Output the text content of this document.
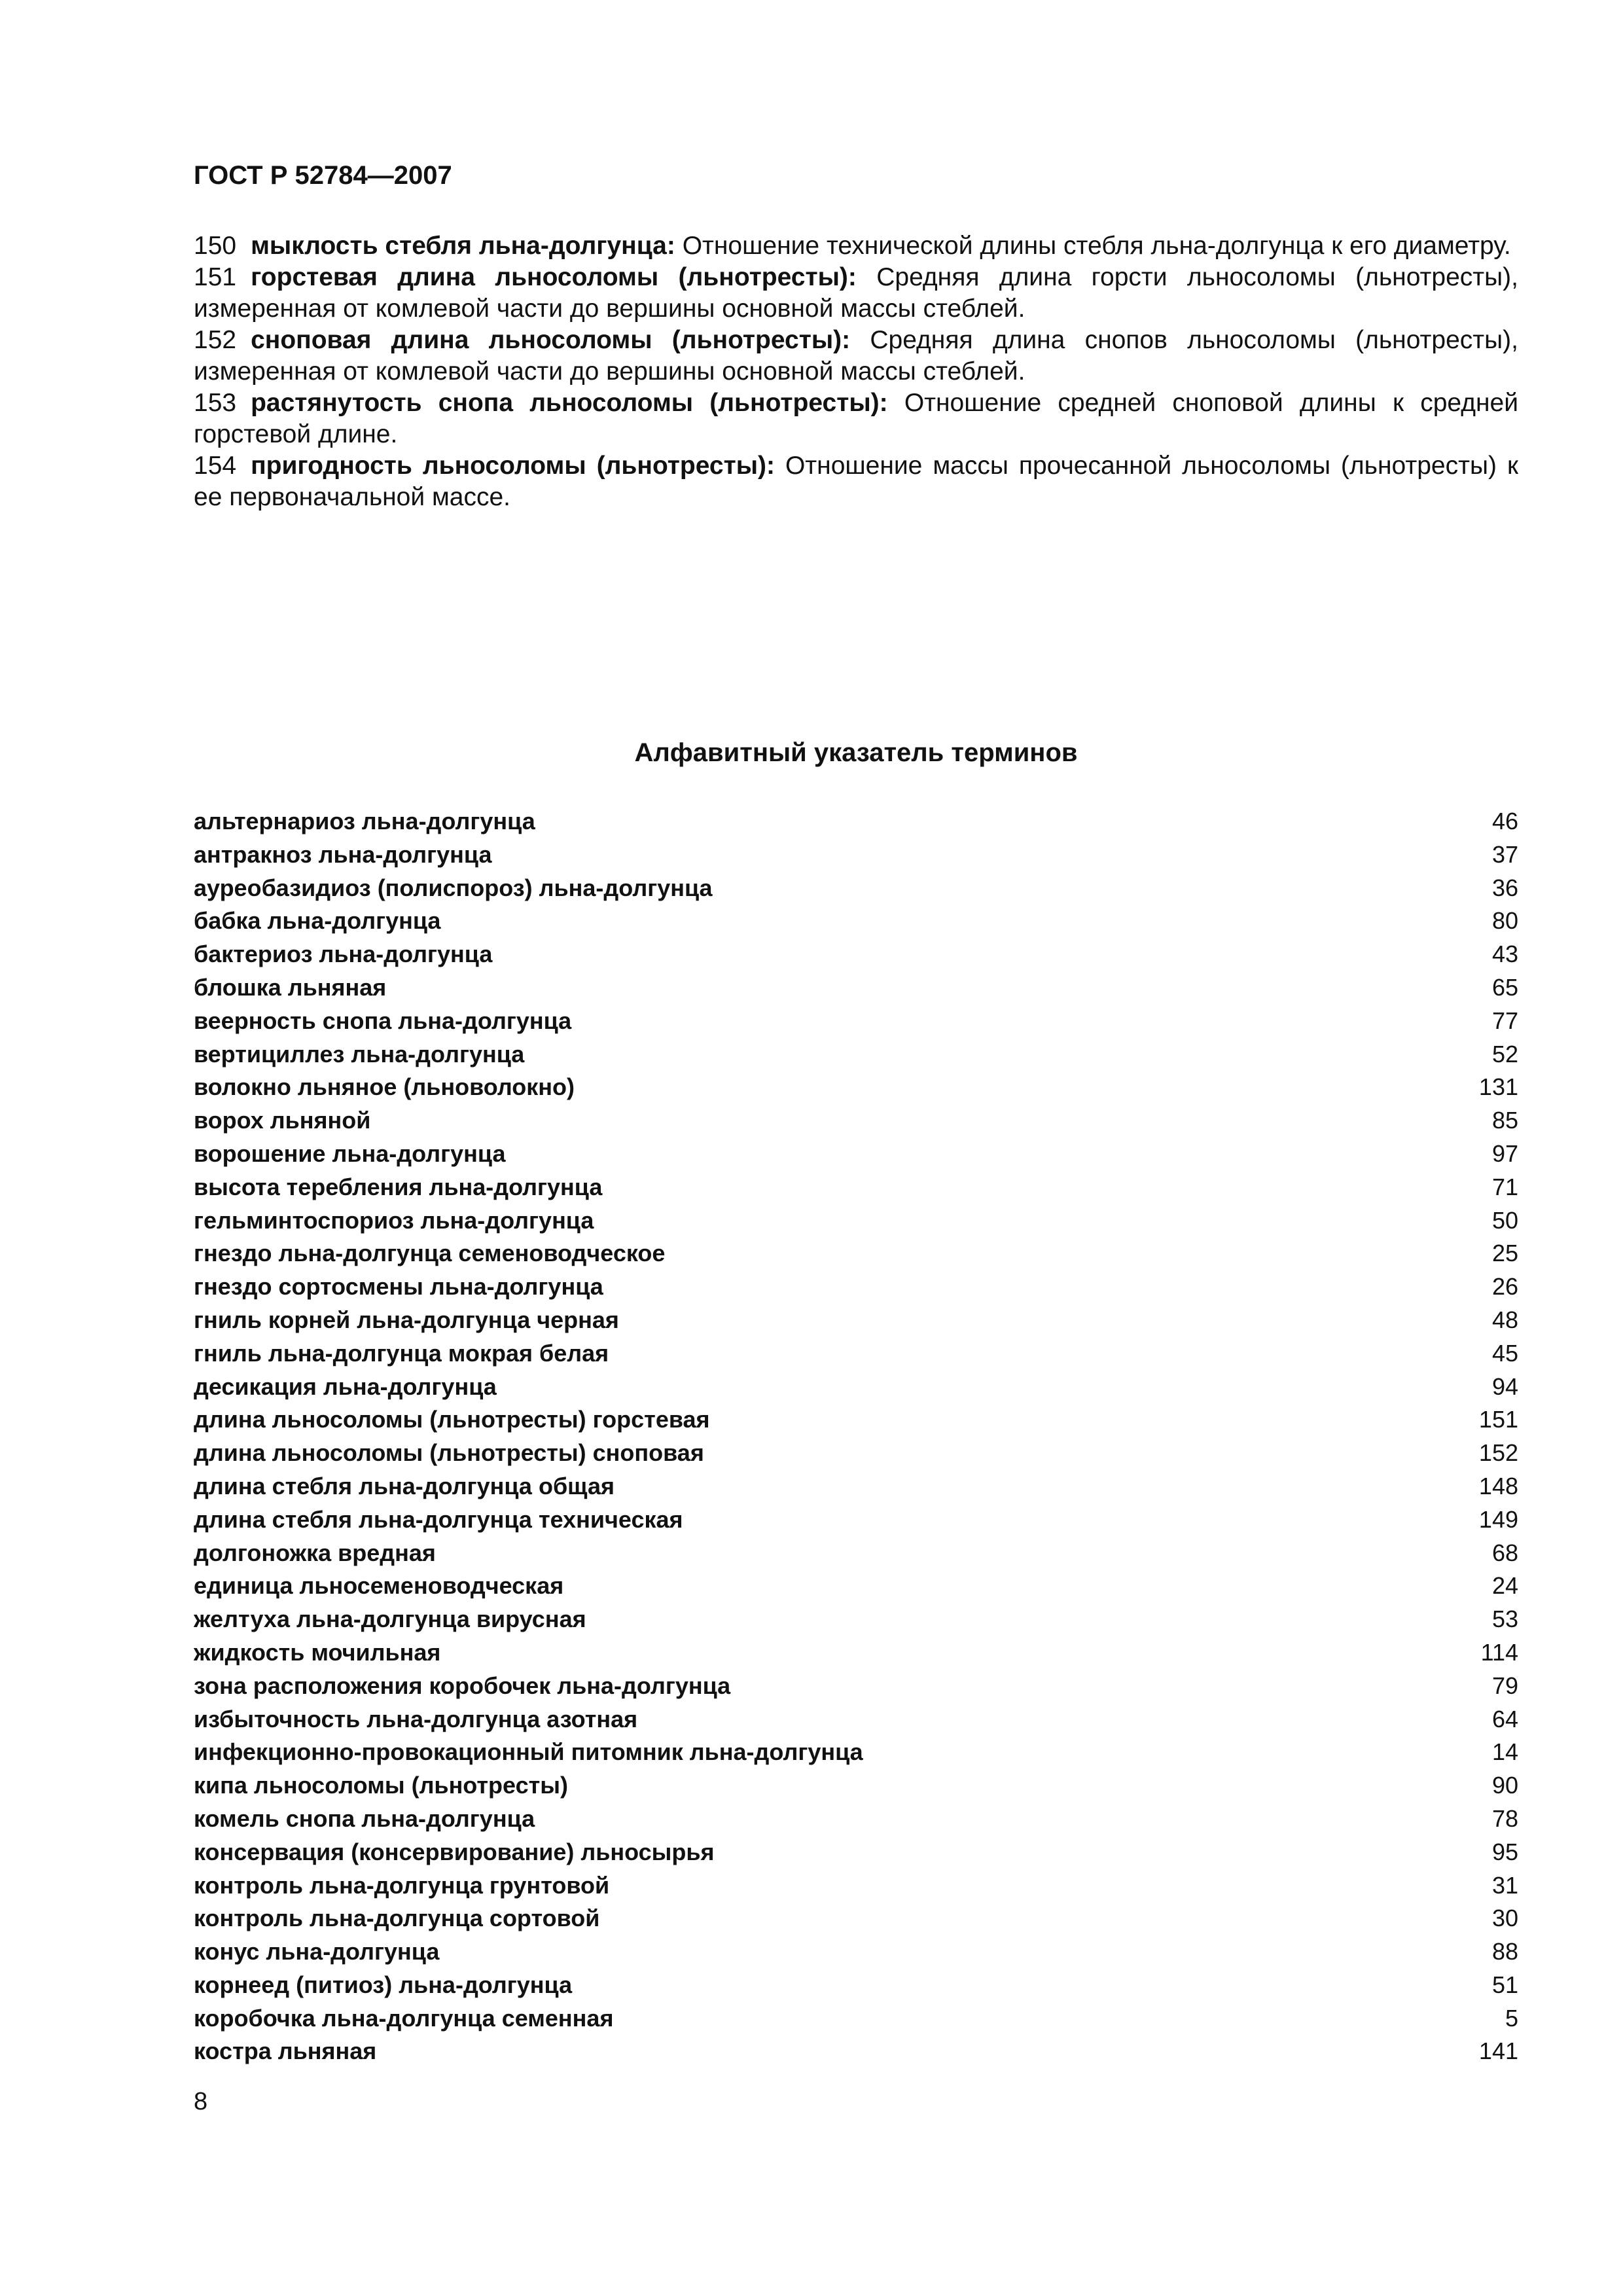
ГОСТ Р 52784—2007
150 мыклость стебля льна-долгунца: Отношение технической длины стебля льна-долгунца к его диаметру.
151 горстевая длина льносоломы (льнотресты): Средняя длина горсти льносоломы (льнотресты), измеренная от комлевой части до вершины основной массы стеблей.
152 сноповая длина льносоломы (льнотресты): Средняя длина снопов льносоломы (льнотресты), измеренная от комлевой части до вершины основной массы стеблей.
153 растянутость снопа льносоломы (льнотресты): Отношение средней сноповой длины к средней горстевой длине.
154 пригодность льносоломы (льнотресты): Отношение массы прочесанной льносоломы (льнотресты) к ее первоначальной массе.
Алфавитный указатель терминов
альтернариоз льна-долгунца	46
антракноз льна-долгунца	37
ауреобазидиоз (полиспороз) льна-долгунца	36
бабка льна-долгунца	80
бактериоз льна-долгунца	43
блошка льняная	65
веерность снопа льна-долгунца	77
вертициллез льна-долгунца	52
волокно льняное (льноволокно)	131
ворох льняной	85
ворошение льна-долгунца	97
высота теребления льна-долгунца	71
гельминтоспориоз льна-долгунца	50
гнездо льна-долгунца семеноводческое	25
гнездо сортосмены льна-долгунца	26
гниль корней льна-долгунца черная	48
гниль льна-долгунца мокрая белая	45
десикация льна-долгунца	94
длина льносоломы (льнотресты) горстевая	151
длина льносоломы (льнотресты) сноповая	152
длина стебля льна-долгунца общая	148
длина стебля льна-долгунца техническая	149
долгоножка вредная	68
единица льносеменоводческая	24
желтуха льна-долгунца вирусная	53
жидкость мочильная	114
зона расположения коробочек льна-долгунца	79
избыточность льна-долгунца азотная	64
инфекционно-провокационный питомник льна-долгунца	14
кипа льносоломы (льнотресты)	90
комель снопа льна-долгунца	78
консервация (консервирование) льносырья	95
контроль льна-долгунца грунтовой	31
контроль льна-долгунца сортовой	30
конус льна-долгунца	88
корнеед (питиоз) льна-долгунца	51
коробочка льна-долгунца семенная	5
костра льняная	141
8
